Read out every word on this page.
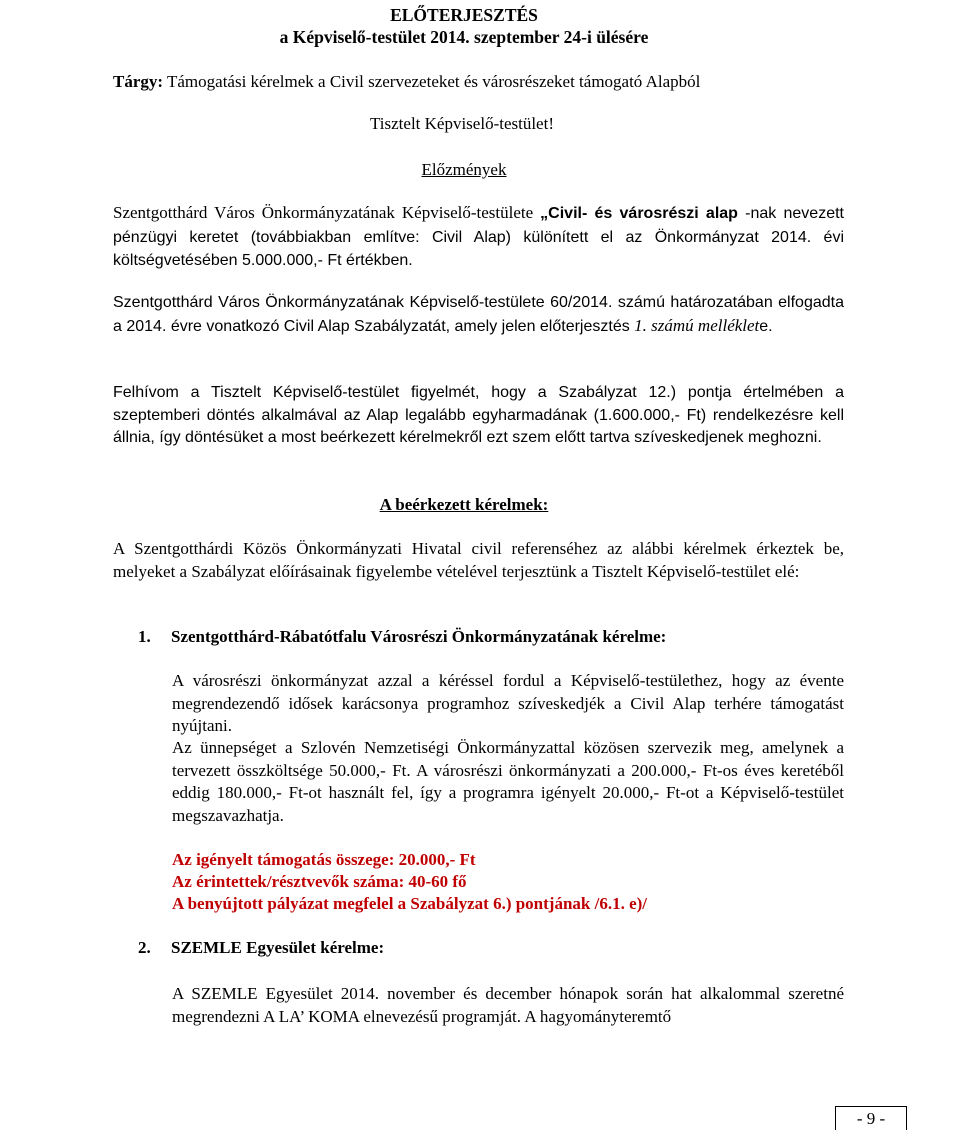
ELŐTERJESZTÉS
a Képviselő-testület 2014. szeptember 24-i ülésére
Tárgy: Támogatási kérelmek a Civil szervezeteket és városrészeket támogató Alapból
Tisztelt Képviselő-testület!
Előzmények

Szentgotthárd Város Önkormányzatának Képviselő-testülete „Civil- és városrészi alap -nak nevezett pénzügyi keretet (továbbiakban említve: Civil Alap) különített el az Önkormányzat 2014. évi költségvetésében 5.000.000,- Ft értékben.

Szentgotthárd Város Önkormányzatának Képviselő-testülete 60/2014. számú határozatában elfogadta a 2014. évre vonatkozó Civil Alap Szabályzatát, amely jelen előterjesztés 1. számú melléklete.

Felhívom a Tisztelt Képviselő-testület figyelmét, hogy a Szabályzat 12.) pontja értelmében a szeptemberi döntés alkalmával az Alap legalább egyharmadának (1.600.000,- Ft) rendelkezésre kell állnia, így döntésüket a most beérkezett kérelmekről ezt szem előtt tartva szíveskedjenek meghozni.

A beérkezett kérelmek:

A Szentgotthárdi Közös Önkormányzati Hivatal civil referenséhez az alábbi kérelmek érkeztek be, melyeket a Szabályzat előírásainak figyelembe vételével terjesztünk a Tisztelt Képviselő-testület elé:

1. Szentgotthárd-Rábatótfalu Városrészi Önkormányzatának kérelme:

A városrészi önkormányzat azzal a kéréssel fordul a Képviselő-testülethez, hogy az évente megrendezendő idősek karácsonya programhoz szíveskedjék a Civil Alap terhére támogatást nyújtani.

Az ünnepséget a Szlovén Nemzetiségi Önkormányzattal közösen szervezik meg, amelynek a tervezett összköltsége 50.000,- Ft. A városrészi önkormányzati a 200.000,- Ft-os éves keretéből eddig 180.000,- Ft-ot használt fel, így a programra igényelt 20.000,- Ft-ot a Képviselő-testület megszavazhatja.

Az igényelt támogatás összege: 20.000,- Ft
Az érintettek/résztvevők száma: 40-60 fő
A benyújtott pályázat megfelel a Szabályzat 6.) pontjának /6.1. e)/
2. SZEMLE Egyesület kérelme:

A SZEMLE Egyesület 2014. november és december hónapok során hat alkalommal szeretné megrendezni A LA’ KOMA elnevezésű programját. A hagyományteremtő

- 9 -
